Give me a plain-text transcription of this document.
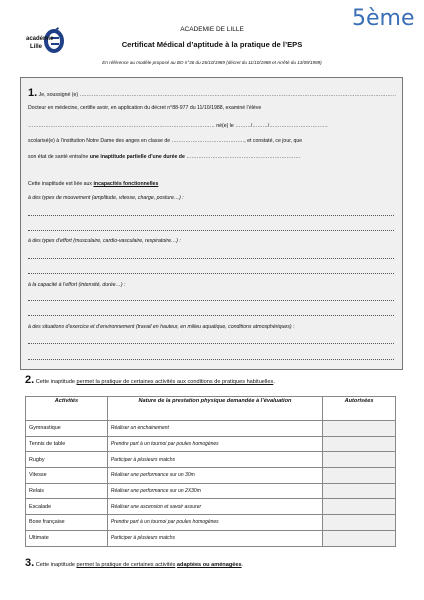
académie
Lille
ACADEMIE DE LILLE	5ème
Certificat Médical d’aptitude à la pratique de l’EPS
En référence au modèle proposé au BO n°36 du 26/10/1989 (décret du 11/10/1988 et Arrêté du 13/09/1989)
1. Je, soussigné (e) …………………………………………………………………………………………………………………………………………………………………
Docteur en médecine, certifie avoir, en application du décret n°88-977 du 11/10/1988, examiné l’élève
……………………………………………………………………………………………… né(e) le ………/………/…………………………….
scolarisé(e) à l’institution Notre Dame des anges en classe de ……………………………………, et constaté, ce jour, que
son état de santé entraîne une inaptitude partielle d’une durée de …………………………………………………………
Cette inaptitude est liée aux incapacités fonctionnelles
à des types de mouvement (amplitude, vitesse, charge, posture…) :
à des types d’effort (musculaire, cardio-vasculaire, respiratoire…) :
à la capacité à l’effort (intensité, durée…) :
à des situations d’exercice et d’environnement (travail en hauteur, en milieu aquatique, conditions atmosphériques) :
2. Cette inaptitude permet la pratique de certaines activités aux conditions de pratiques habituelles.
Activités	Nature de la prestation physique demandée à l’évaluation	Autorisées
Gymnastique	Réaliser un enchainement	
Tennis de table	Prendre part à un tournoi par poules homogènes	
Rugby	Participer à plusieurs matchs	
Vitesse	Réaliser une performance sur un 30m	
Relais	Réaliser une performance sur un 2X30m	
Escalade	Réaliser une ascension et savoir assurer	
Boxe française	Prendre part à un tournoi par poules homogènes	
Ultimate	Participer à plusieurs matchs	
3. Cette inaptitude permet la pratique de certaines activités adaptées ou aménagées.
